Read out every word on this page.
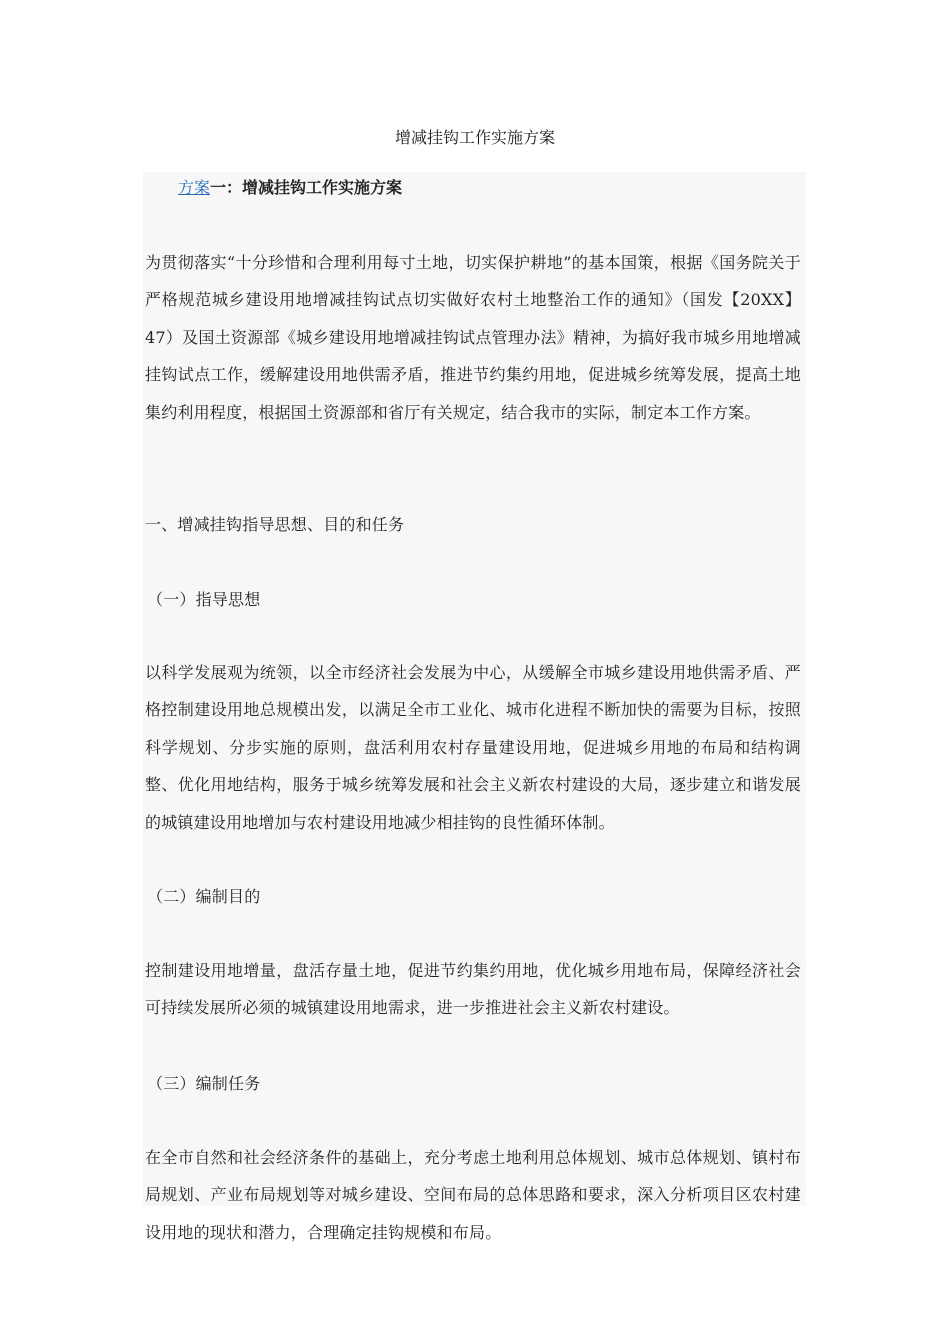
增减挂钩工作实施方案
方案一：增减挂钩工作实施方案

为贯彻落实“十分珍惜和合理利用每寸土地，切实保护耕地”的基本国策，根据《国务院关于严格规范城乡建设用地增减挂钩试点切实做好农村土地整治工作的通知》（国发【20XX】47）及国土资源部《城乡建设用地增减挂钩试点管理办法》精神，为搞好我市城乡用地增减挂钩试点工作，缓解建设用地供需矛盾，推进节约集约用地，促进城乡统筹发展，提高土地集约利用程度，根据国土资源部和省厅有关规定，结合我市的实际，制定本工作方案。

一、增减挂钩指导思想、目的和任务

（一）指导思想

以科学发展观为统领，以全市经济社会发展为中心，从缓解全市城乡建设用地供需矛盾、严格控制建设用地总规模出发，以满足全市工业化、城市化进程不断加快的需要为目标，按照科学规划、分步实施的原则，盘活利用农村存量建设用地，促进城乡用地的布局和结构调整、优化用地结构，服务于城乡统筹发展和社会主义新农村建设的大局，逐步建立和谐发展的城镇建设用地增加与农村建设用地减少相挂钩的良性循环体制。

（二）编制目的

控制建设用地增量，盘活存量土地，促进节约集约用地，优化城乡用地布局，保障经济社会可持续发展所必须的城镇建设用地需求，进一步推进社会主义新农村建设。

（三）编制任务

在全市自然和社会经济条件的基础上，充分考虑土地利用总体规划、城市总体规划、镇村布局规划、产业布局规划等对城乡建设、空间布局的总体思路和要求，深入分析项目区农村建设用地的现状和潜力，合理确定挂钩规模和布局。
